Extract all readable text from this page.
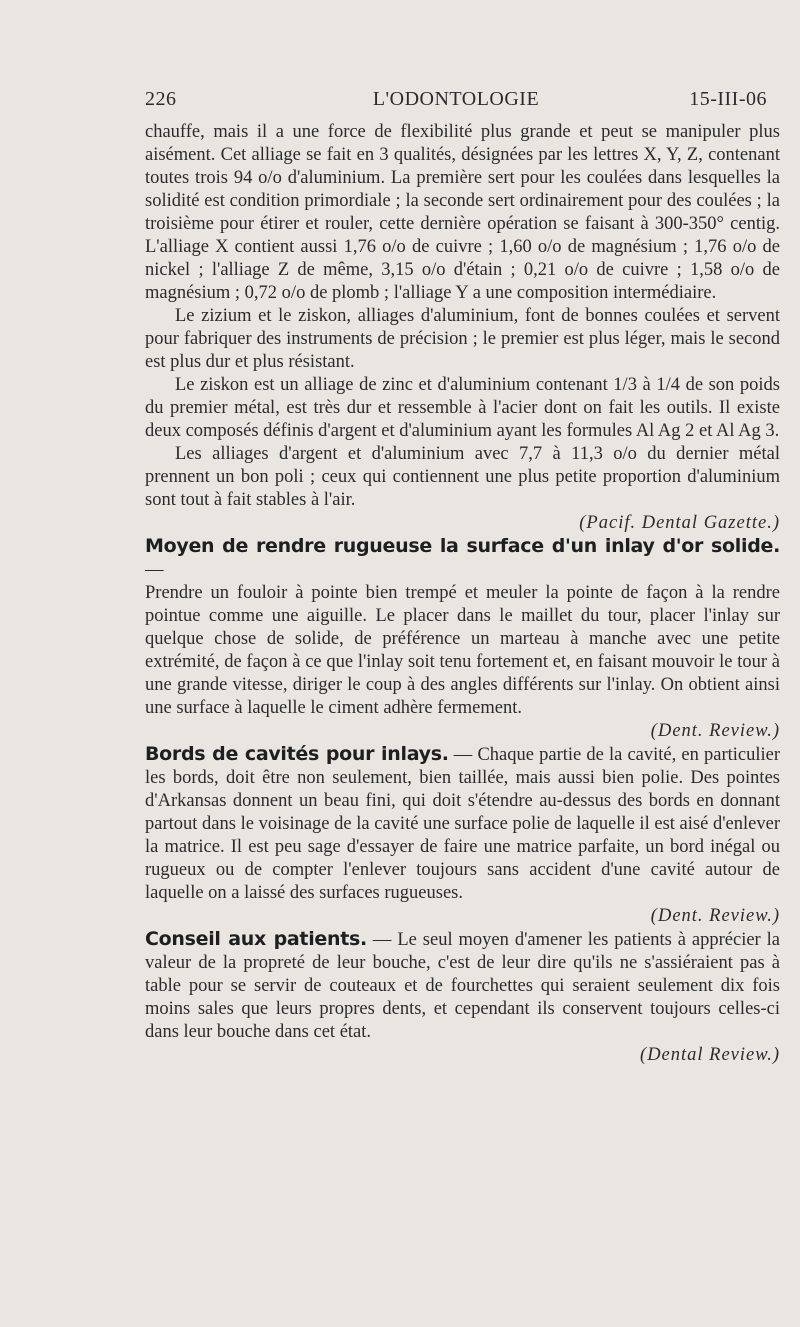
226	L'ODONTOLOGIE	15-III-06

chauffe, mais il a une force de flexibilité plus grande et peut se manipuler plus aisément. Cet alliage se fait en 3 qualités, désignées par les lettres X, Y, Z, contenant toutes trois 94 o/o d'aluminium. La première sert pour les coulées dans lesquelles la solidité est condition primordiale ; la seconde sert ordinairement pour des coulées ; la troisième pour étirer et rouler, cette dernière opération se faisant à 300-350° centig. L'alliage X contient aussi 1,76 o/o de cuivre ; 1,60 o/o de magnésium ; 1,76 o/o de nickel ; l'alliage Z de même, 3,15 o/o d'étain ; 0,21 o/o de cuivre ; 1,58 o/o de magnésium ; 0,72 o/o de plomb ; l'alliage Y a une composition intermédiaire.

Le zizium et le ziskon, alliages d'aluminium, font de bonnes coulées et servent pour fabriquer des instruments de précision ; le premier est plus léger, mais le second est plus dur et plus résistant.

Le ziskon est un alliage de zinc et d'aluminium contenant 1/3 à 1/4 de son poids du premier métal, est très dur et ressemble à l'acier dont on fait les outils. Il existe deux composés définis d'argent et d'aluminium ayant les formules Al Ag 2 et Al Ag 3.

Les alliages d'argent et d'aluminium avec 7,7 à 11,3 o/o du dernier métal prennent un bon poli ; ceux qui contiennent une plus petite proportion d'aluminium sont tout à fait stables à l'air.

(Pacif. Dental Gazette.)

Moyen de rendre rugueuse la surface d'un inlay d'or solide.—

Prendre un fouloir à pointe bien trempé et meuler la pointe de façon à la rendre pointue comme une aiguille. Le placer dans le maillet du tour, placer l'inlay sur quelque chose de solide, de préférence un marteau à manche avec une petite extrémité, de façon à ce que l'inlay soit tenu fortement et, en faisant mouvoir le tour à une grande vitesse, diriger le coup à des angles différents sur l'inlay. On obtient ainsi une surface à laquelle le ciment adhère fermement.

(Dent. Review.)

Bords de cavités pour inlays. — Chaque partie de la cavité, en particulier les bords, doit être non seulement, bien taillée, mais aussi bien polie. Des pointes d'Arkansas donnent un beau fini, qui doit s'étendre au-dessus des bords en donnant partout dans le voisinage de la cavité une surface polie de laquelle il est aisé d'enlever la matrice. Il est peu sage d'essayer de faire une matrice parfaite, un bord inégal ou rugueux ou de compter l'enlever toujours sans accident d'une cavité autour de laquelle on a laissé des surfaces rugueuses.

(Dent. Review.)

Conseil aux patients. — Le seul moyen d'amener les patients à apprécier la valeur de la propreté de leur bouche, c'est de leur dire qu'ils ne s'assiéraient pas à table pour se servir de couteaux et de fourchettes qui seraient seulement dix fois moins sales que leurs propres dents, et cependant ils conservent toujours celles-ci dans leur bouche dans cet état.

(Dental Review.)
